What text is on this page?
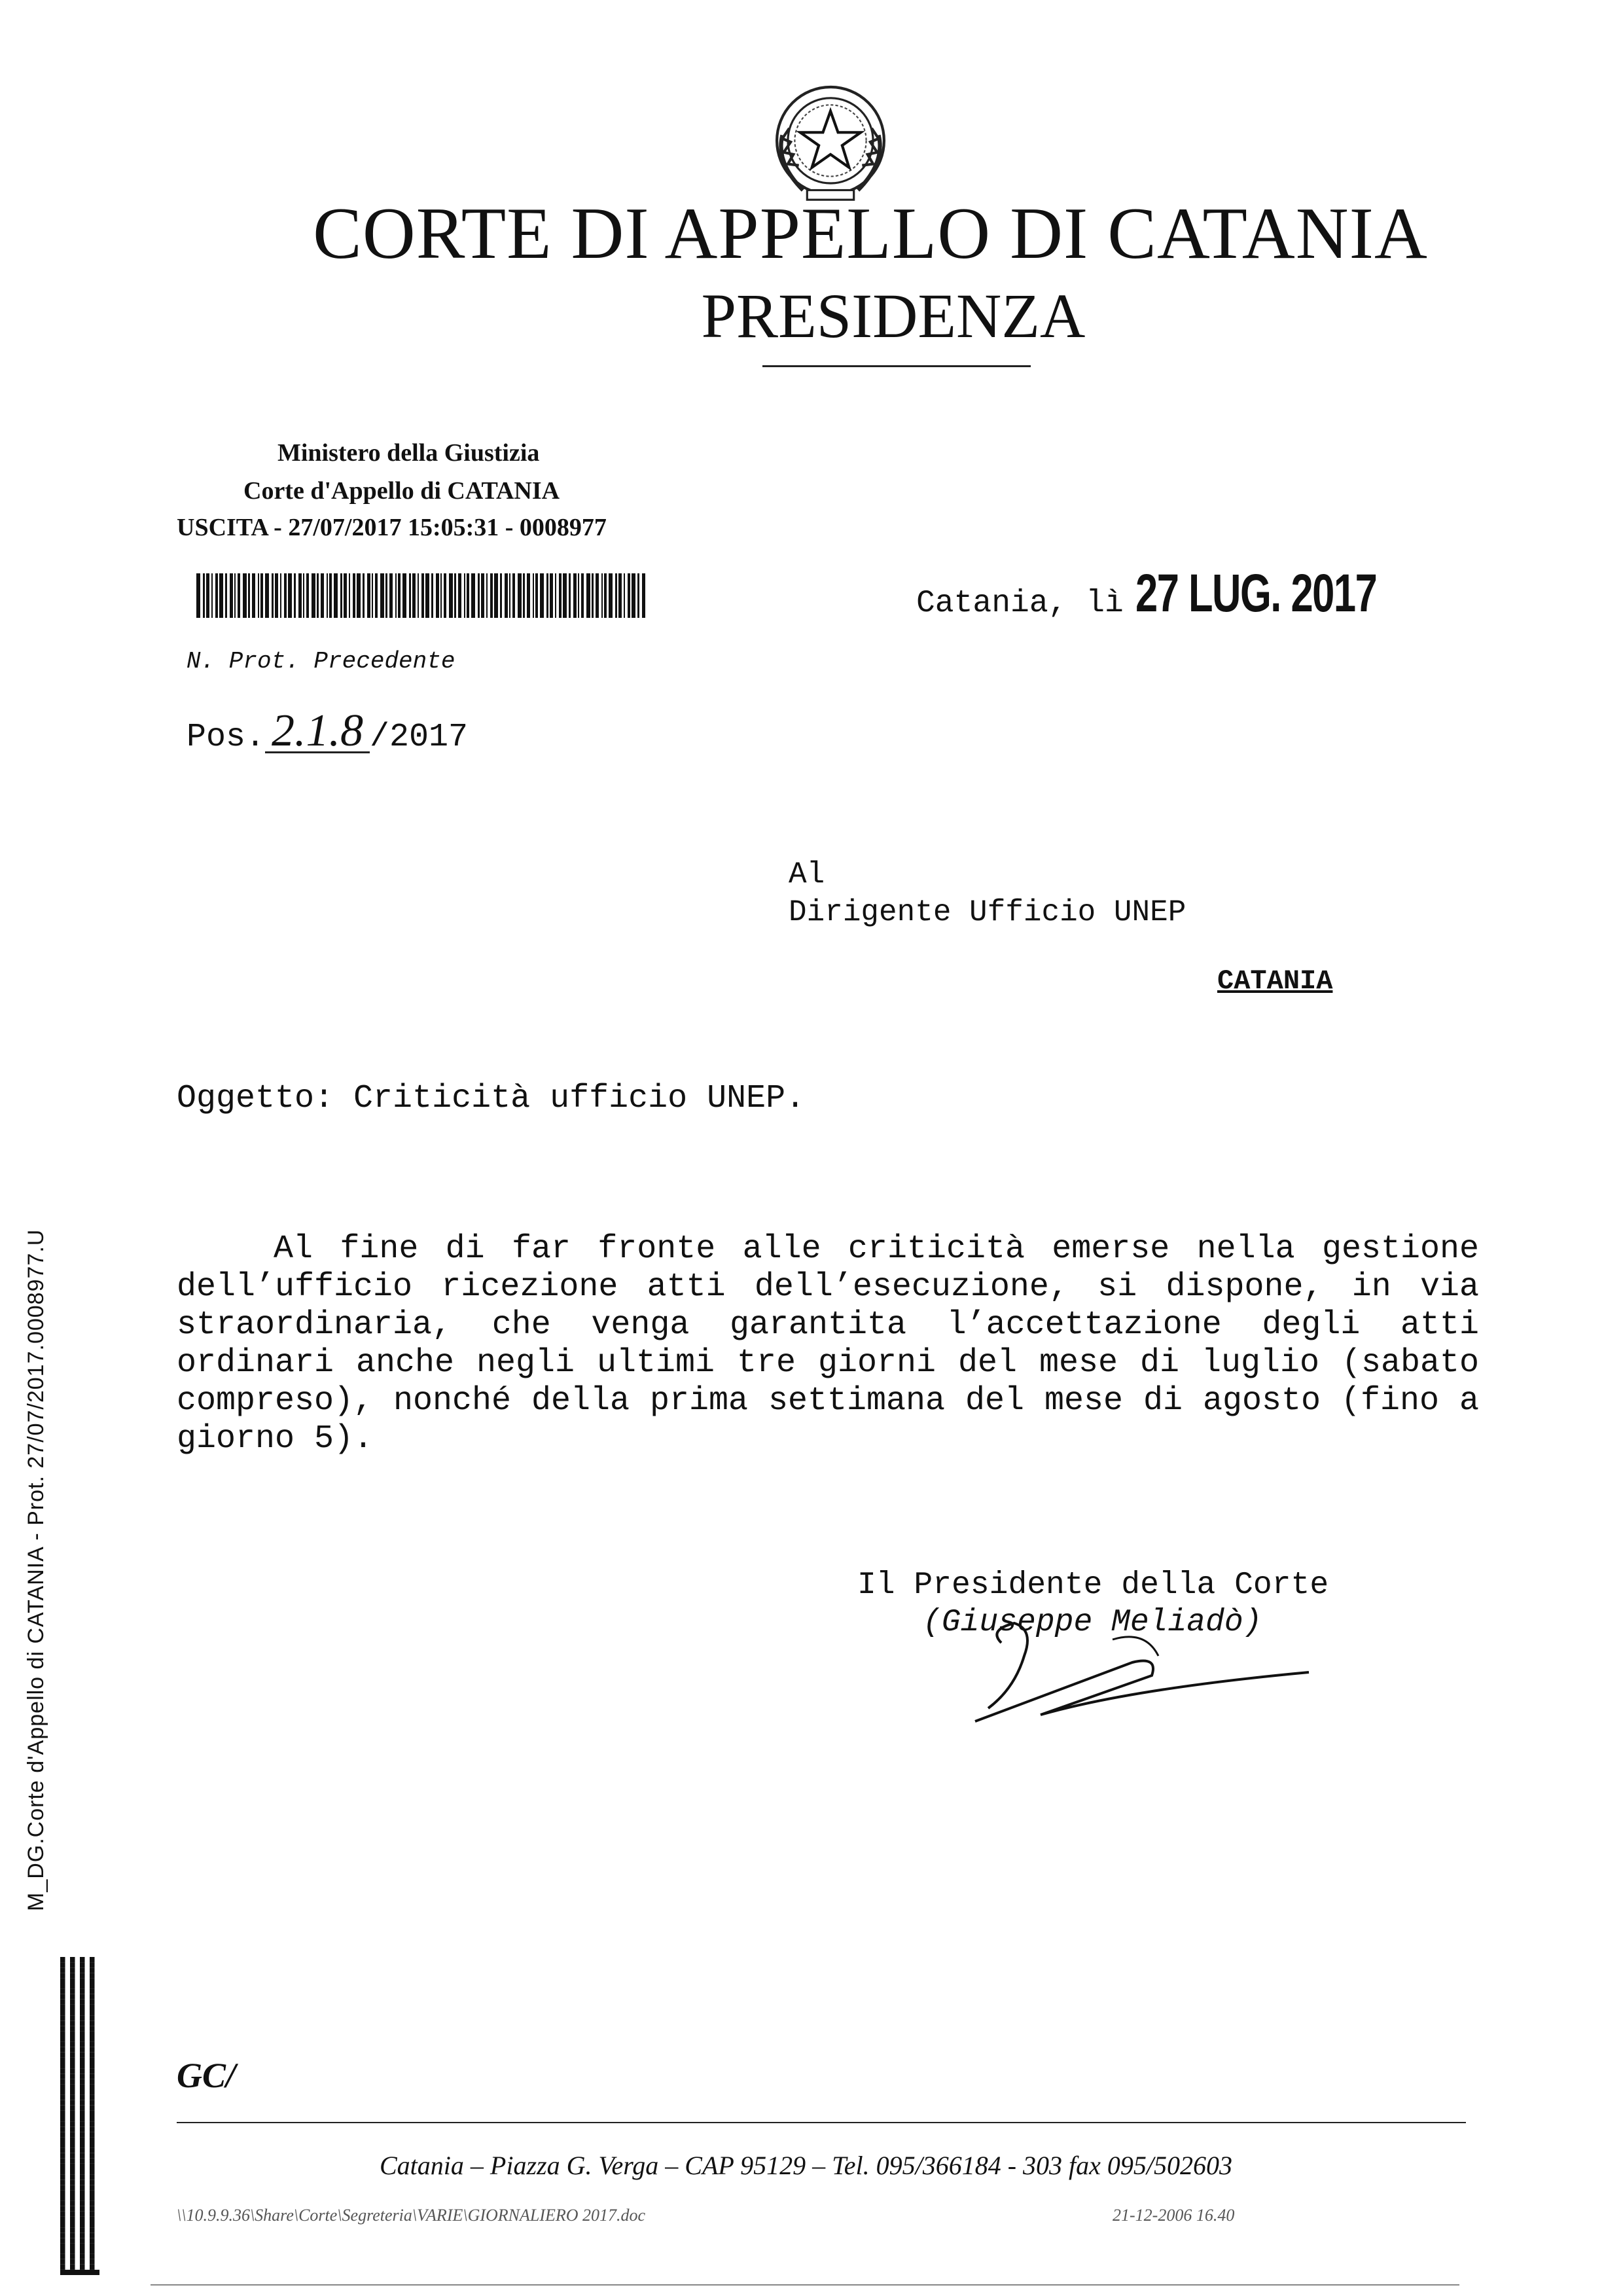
CORTE DI APPELLO DI CATANIA
PRESIDENZA
Ministero della Giustizia
Corte d'Appello di CATANIA
USCITA - 27/07/2017 15:05:31 - 0008977
Catania, lì 27 LUG. 2017
N. Prot. Precedente
Pos. 2.1.8 /2017
Al
Dirigente Ufficio UNEP
CATANIA
Oggetto: Criticità ufficio UNEP.

Al fine di far fronte alle criticità emerse nella gestione dell’ufficio ricezione atti dell’esecuzione, si dispone, in via straordinaria, che venga garantita l’accettazione degli atti ordinari anche negli ultimi tre giorni del mese di luglio (sabato compreso), nonché della prima settimana del mese di agosto (fino a giorno 5).

Il Presidente della Corte
(Giuseppe Meliadò)
M_DG.Corte d'Appello di CATANIA - Prot. 27/07/2017.0008977.U
GC/
Catania – Piazza G. Verga – CAP 95129 – Tel. 095/366184 - 303 fax 095/502603
\\10.9.9.36\Share\Corte\Segreteria\VARIE\GIORNALIERO 2017.doc	21-12-2006 16.40
